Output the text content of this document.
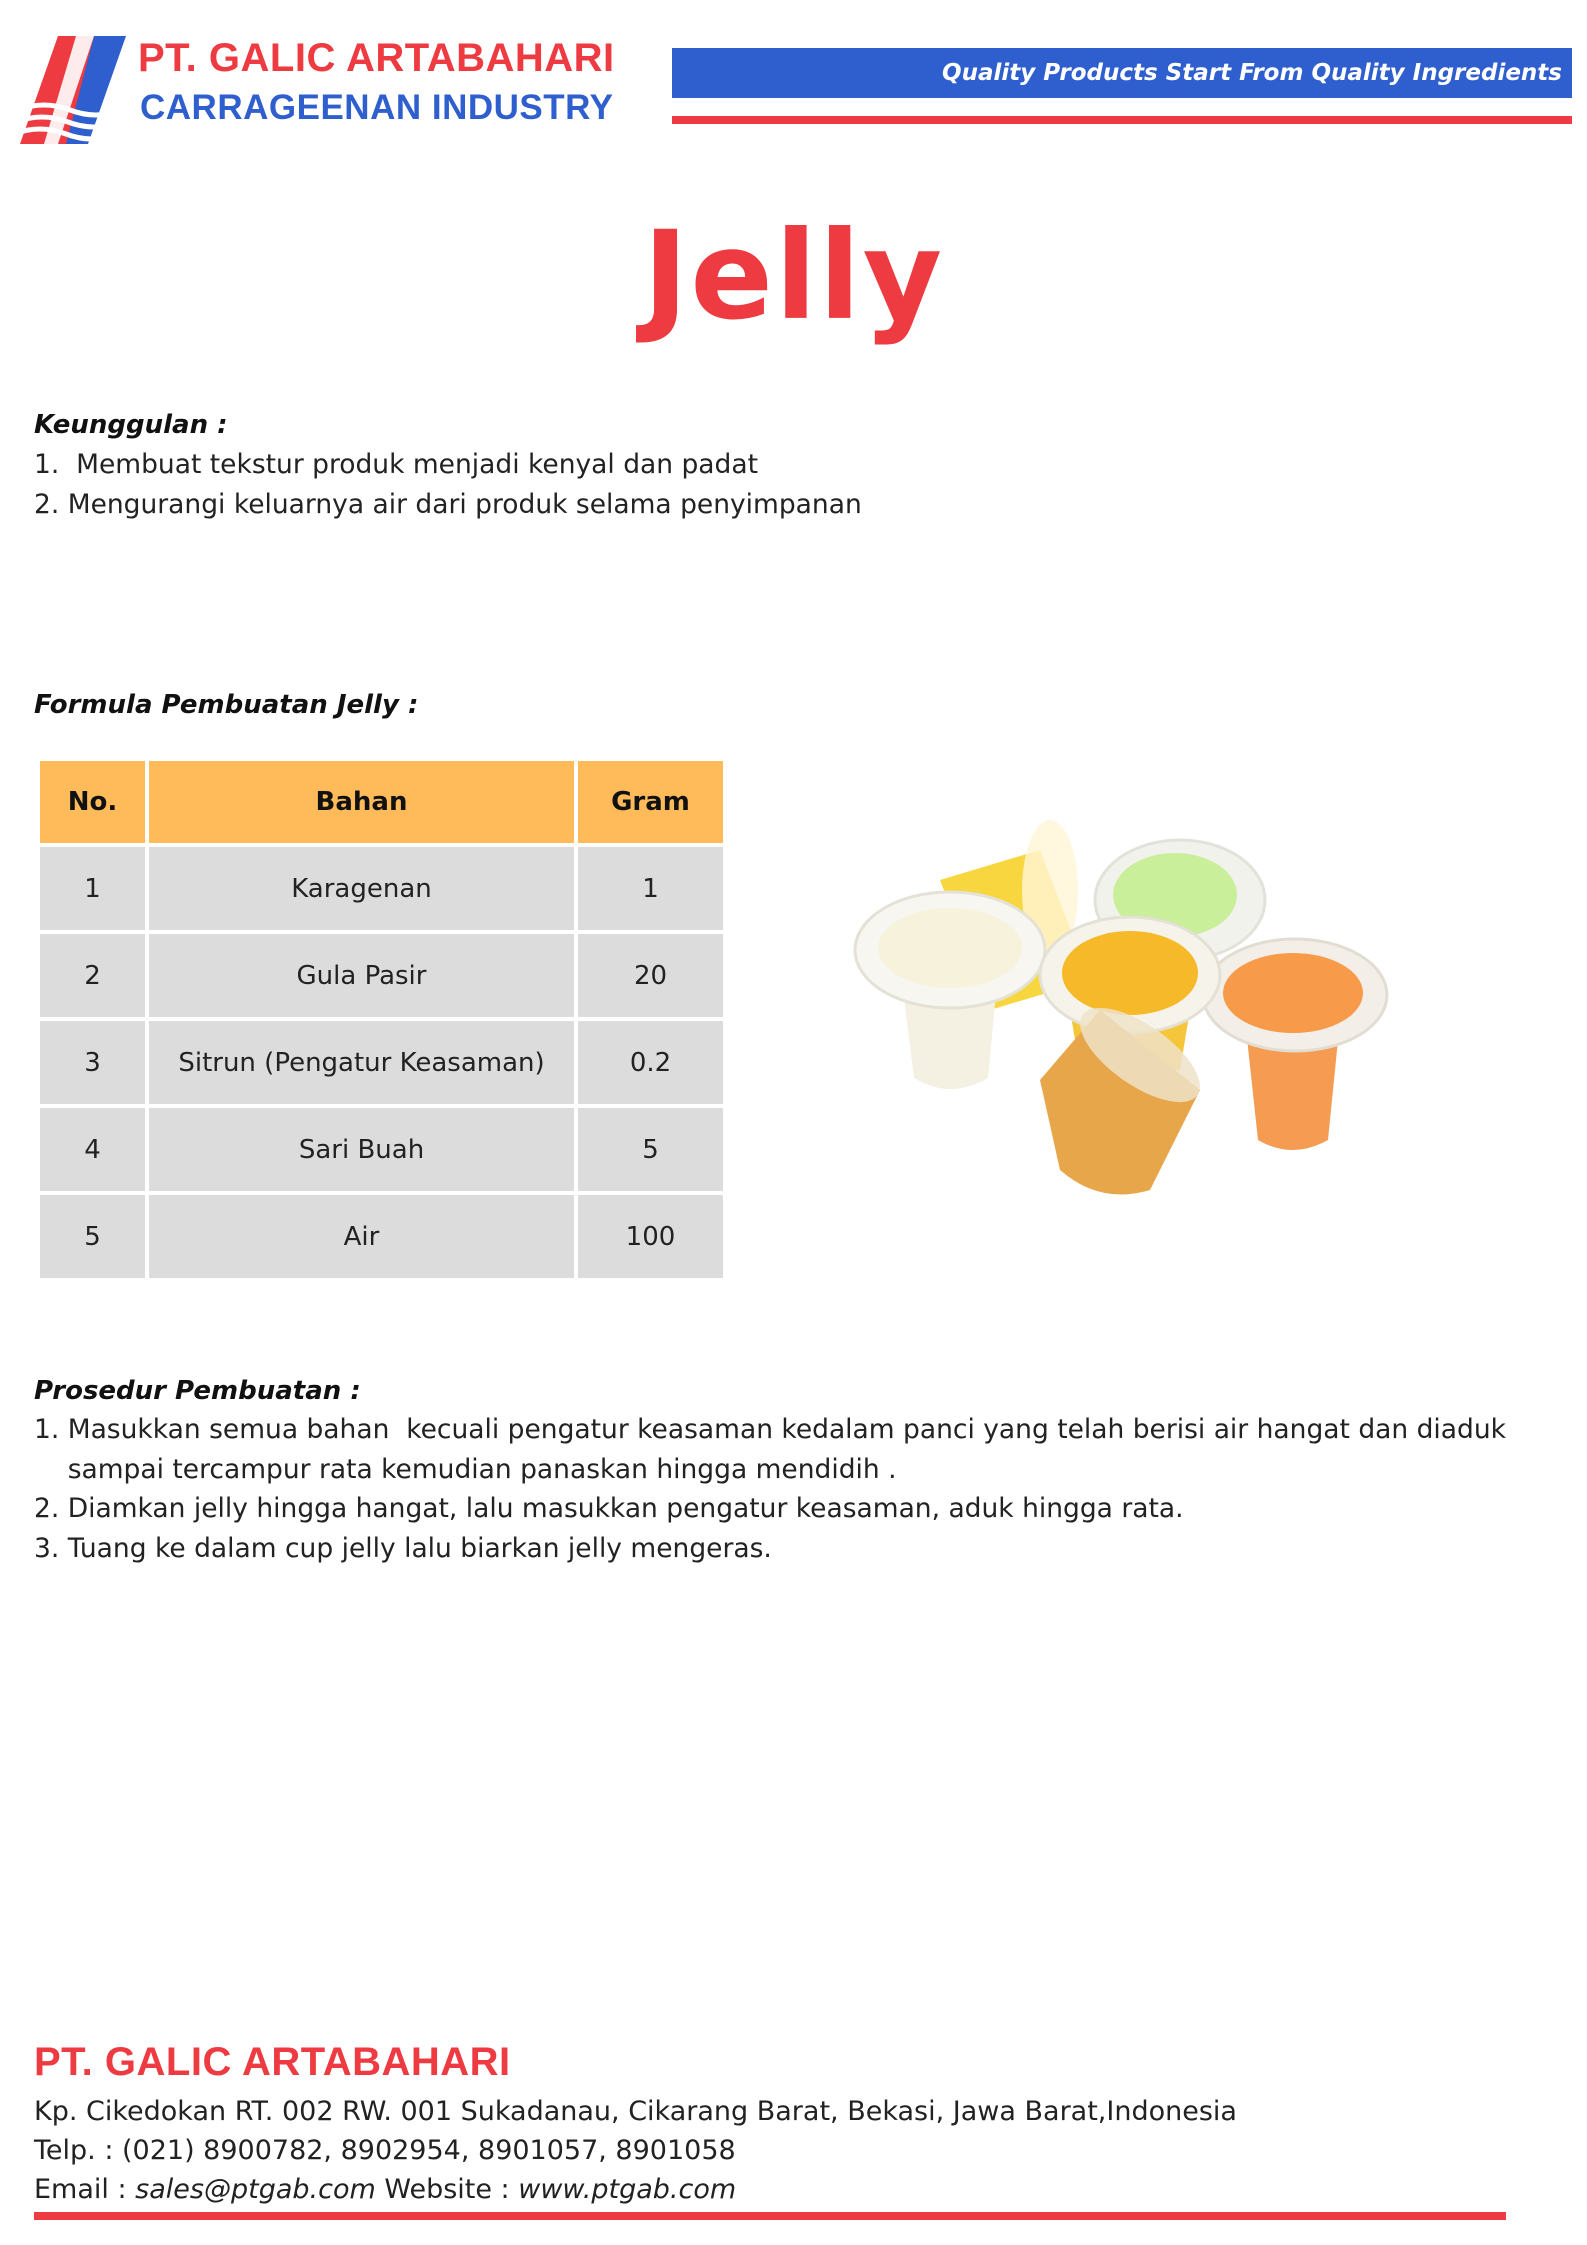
PT. GALIC ARTABAHARI
CARRAGEENAN INDUSTRY
Quality Products Start From Quality Ingredients
Jelly
Keunggulan :
1.  Membuat tekstur produk menjadi kenyal dan padat
2. Mengurangi keluarnya air dari produk selama penyimpanan
Formula Pembuatan Jelly :
No.	Bahan	Gram
1	Karagenan	1
2	Gula Pasir	20
3	Sitrun (Pengatur Keasaman)	0.2
4	Sari Buah	5
5	Air	100
Prosedur Pembuatan :
1. Masukkan semua bahan  kecuali pengatur keasaman kedalam panci yang telah berisi air hangat dan diaduk
sampai tercampur rata kemudian panaskan hingga mendidih .
2. Diamkan jelly hingga hangat, lalu masukkan pengatur keasaman, aduk hingga rata.
3. Tuang ke dalam cup jelly lalu biarkan jelly mengeras.
PT. GALIC ARTABAHARI
Kp. Cikedokan RT. 002 RW. 001 Sukadanau, Cikarang Barat, Bekasi, Jawa Barat,Indonesia
Telp. : (021) 8900782, 8902954, 8901057, 8901058
Email : sales@ptgab.com Website : www.ptgab.com
